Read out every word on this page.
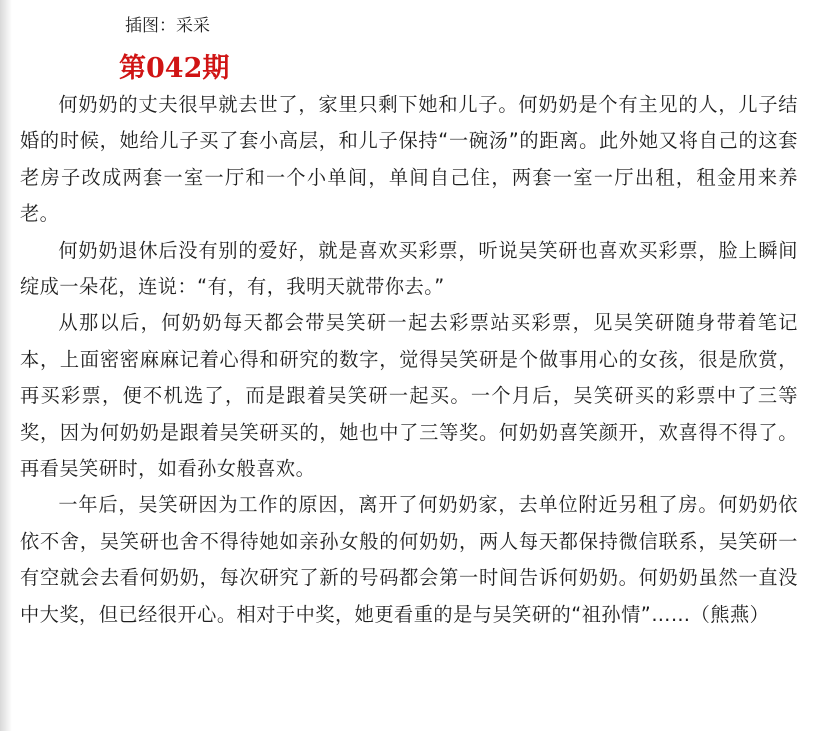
插图：采采
第042期

何奶奶的丈夫很早就去世了，家里只剩下她和儿子。何奶奶是个有主见的人，儿子结婚的时候，她给儿子买了套小高层，和儿子保持“一碗汤”的距离。此外她又将自己的这套老房子改成两套一室一厅和一个小单间，单间自己住，两套一室一厅出租，租金用来养老。

何奶奶退休后没有别的爱好，就是喜欢买彩票，听说吴笑研也喜欢买彩票，脸上瞬间绽成一朵花，连说：“有，有，我明天就带你去。”

从那以后，何奶奶每天都会带吴笑研一起去彩票站买彩票，见吴笑研随身带着笔记本，上面密密麻麻记着心得和研究的数字，觉得吴笑研是个做事用心的女孩，很是欣赏，再买彩票，便不机选了，而是跟着吴笑研一起买。一个月后，吴笑研买的彩票中了三等奖，因为何奶奶是跟着吴笑研买的，她也中了三等奖。何奶奶喜笑颜开，欢喜得不得了。再看吴笑研时，如看孙女般喜欢。

一年后，吴笑研因为工作的原因，离开了何奶奶家，去单位附近另租了房。何奶奶依依不舍，吴笑研也舍不得待她如亲孙女般的何奶奶，两人每天都保持微信联系，吴笑研一有空就会去看何奶奶，每次研究了新的号码都会第一时间告诉何奶奶。何奶奶虽然一直没中大奖，但已经很开心。相对于中奖，她更看重的是与吴笑研的“祖孙情”……（熊燕）
